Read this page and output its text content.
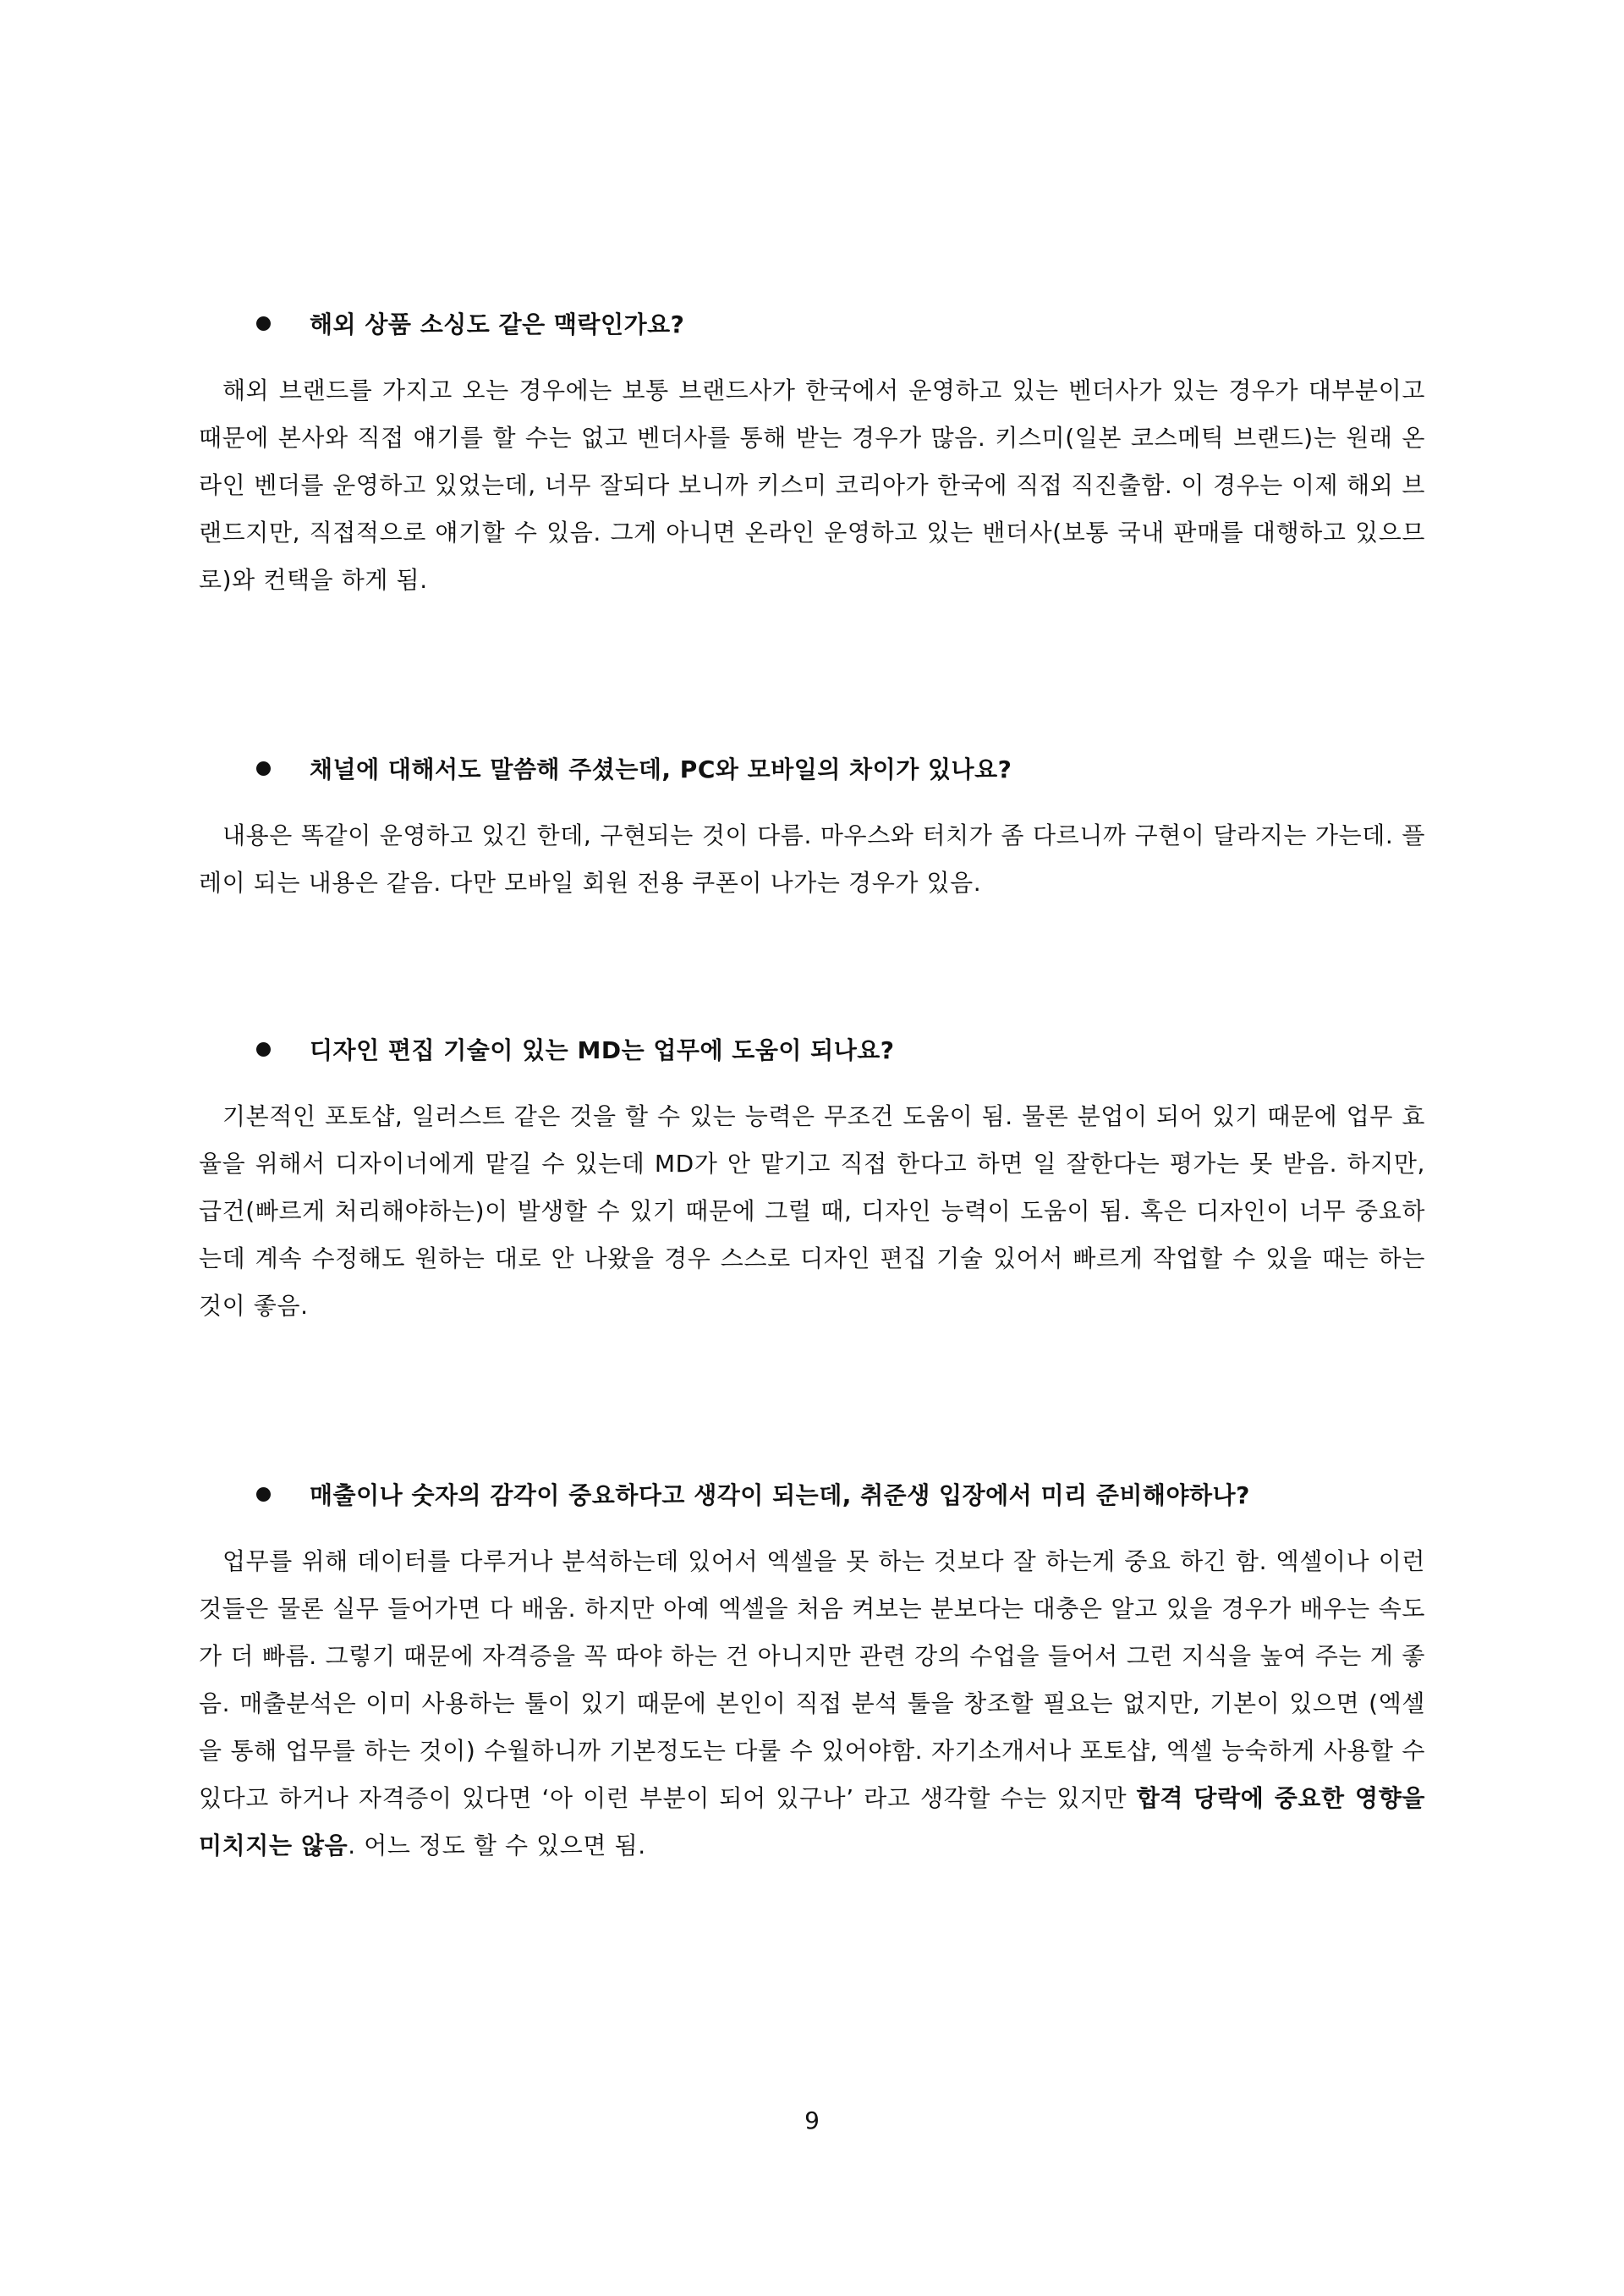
해외 상품 소싱도 같은 맥락인가요?

해외 브랜드를 가지고 오는 경우에는 보통 브랜드사가 한국에서 운영하고 있는 벤더사가 있는 경우가 대부분이고 때문에 본사와 직접 얘기를 할 수는 없고 벤더사를 통해 받는 경우가 많음. 키스미(일본 코스메틱 브랜드)는 원래 온라인 벤더를 운영하고 있었는데, 너무 잘되다 보니까 키스미 코리아가 한국에 직접 직진출함. 이 경우는 이제 해외 브랜드지만, 직접적으로 얘기할 수 있음. 그게 아니면 온라인 운영하고 있는 밴더사(보통 국내 판매를 대행하고 있으므로)와 컨택을 하게 됨.

채널에 대해서도 말씀해 주셨는데, PC와 모바일의 차이가 있나요?

내용은 똑같이 운영하고 있긴 한데, 구현되는 것이 다름. 마우스와 터치가 좀 다르니까 구현이 달라지는 가는데. 플레이 되는 내용은 같음. 다만 모바일 회원 전용 쿠폰이 나가는 경우가 있음.

디자인 편집 기술이 있는 MD는 업무에 도움이 되나요?

기본적인 포토샵, 일러스트 같은 것을 할 수 있는 능력은 무조건 도움이 됨. 물론 분업이 되어 있기 때문에 업무 효율을 위해서 디자이너에게 맡길 수 있는데 MD가 안 맡기고 직접 한다고 하면 일 잘한다는 평가는 못 받음. 하지만, 급건(빠르게 처리해야하는)이 발생할 수 있기 때문에 그럴 때, 디자인 능력이 도움이 됨. 혹은 디자인이 너무 중요하는데 계속 수정해도 원하는 대로 안 나왔을 경우 스스로 디자인 편집 기술 있어서 빠르게 작업할 수 있을 때는 하는 것이 좋음.

매출이나 숫자의 감각이 중요하다고 생각이 되는데, 취준생 입장에서 미리 준비해야하나?

업무를 위해 데이터를 다루거나 분석하는데 있어서 엑셀을 못 하는 것보다 잘 하는게 중요 하긴 함. 엑셀이나 이런 것들은 물론 실무 들어가면 다 배움. 하지만 아예 엑셀을 처음 켜보는 분보다는 대충은 알고 있을 경우가 배우는 속도가 더 빠름. 그렇기 때문에 자격증을 꼭 따야 하는 건 아니지만 관련 강의 수업을 들어서 그런 지식을 높여 주는 게 좋음. 매출분석은 이미 사용하는 툴이 있기 때문에 본인이 직접 분석 툴을 창조할 필요는 없지만, 기본이 있으면 (엑셀을 통해 업무를 하는 것이) 수월하니까 기본정도는 다룰 수 있어야함. 자기소개서나 포토샵, 엑셀 능숙하게 사용할 수 있다고 하거나 자격증이 있다면 ‘아 이런 부분이 되어 있구나’ 라고 생각할 수는 있지만 합격 당락에 중요한 영향을 미치지는 않음. 어느 정도 할 수 있으면 됨.

9
